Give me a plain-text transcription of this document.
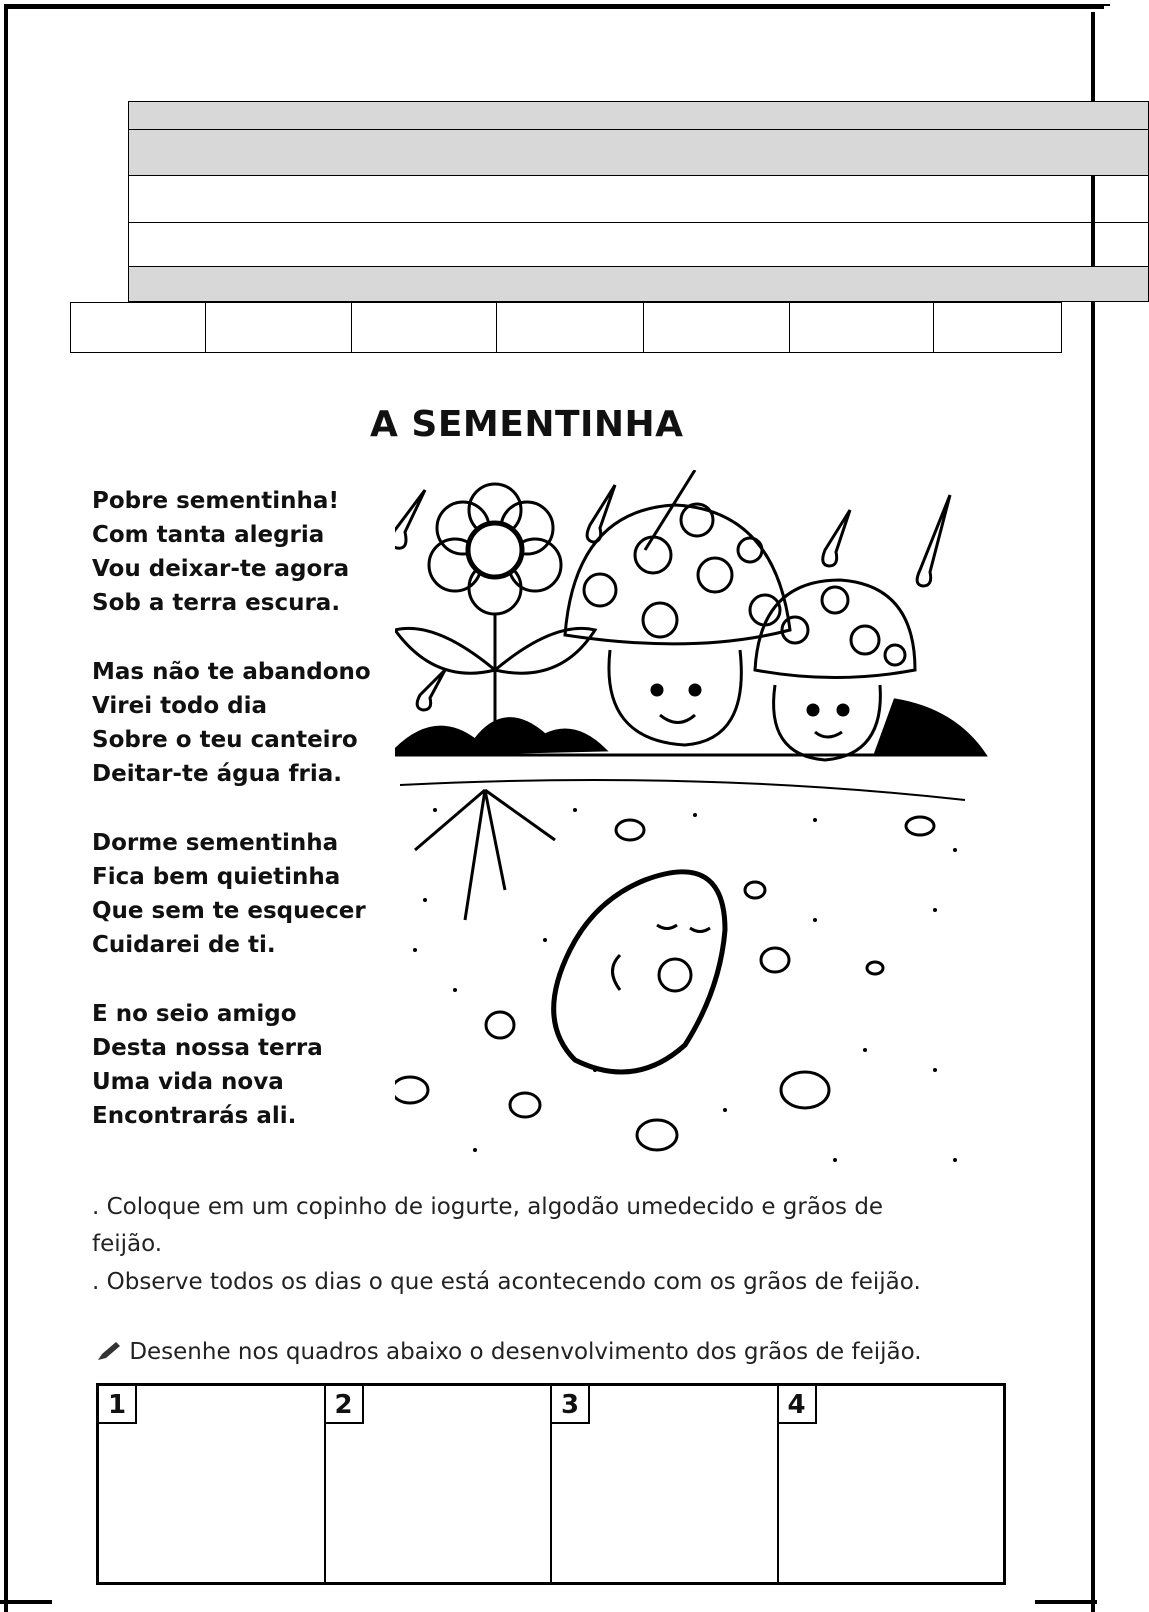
A SEMENTINHA
Pobre sementinha!
Com tanta alegria
Vou deixar-te agora
Sob a terra escura.
Mas não te abandono
Virei todo dia
Sobre o teu canteiro
Deitar-te água fria.
Dorme sementinha
Fica bem quietinha
Que sem te esquecer
Cuidarei de ti.
E no seio amigo
Desta nossa terra
Uma vida nova
Encontrarás ali.
. Coloque em um copinho de iogurte, algodão umedecido e grãos de
feijão.
. Observe todos os dias o que está acontecendo com os grãos de feijão.
Desenhe nos quadros abaixo o desenvolvimento dos grãos de feijão.
1	2	3	4
